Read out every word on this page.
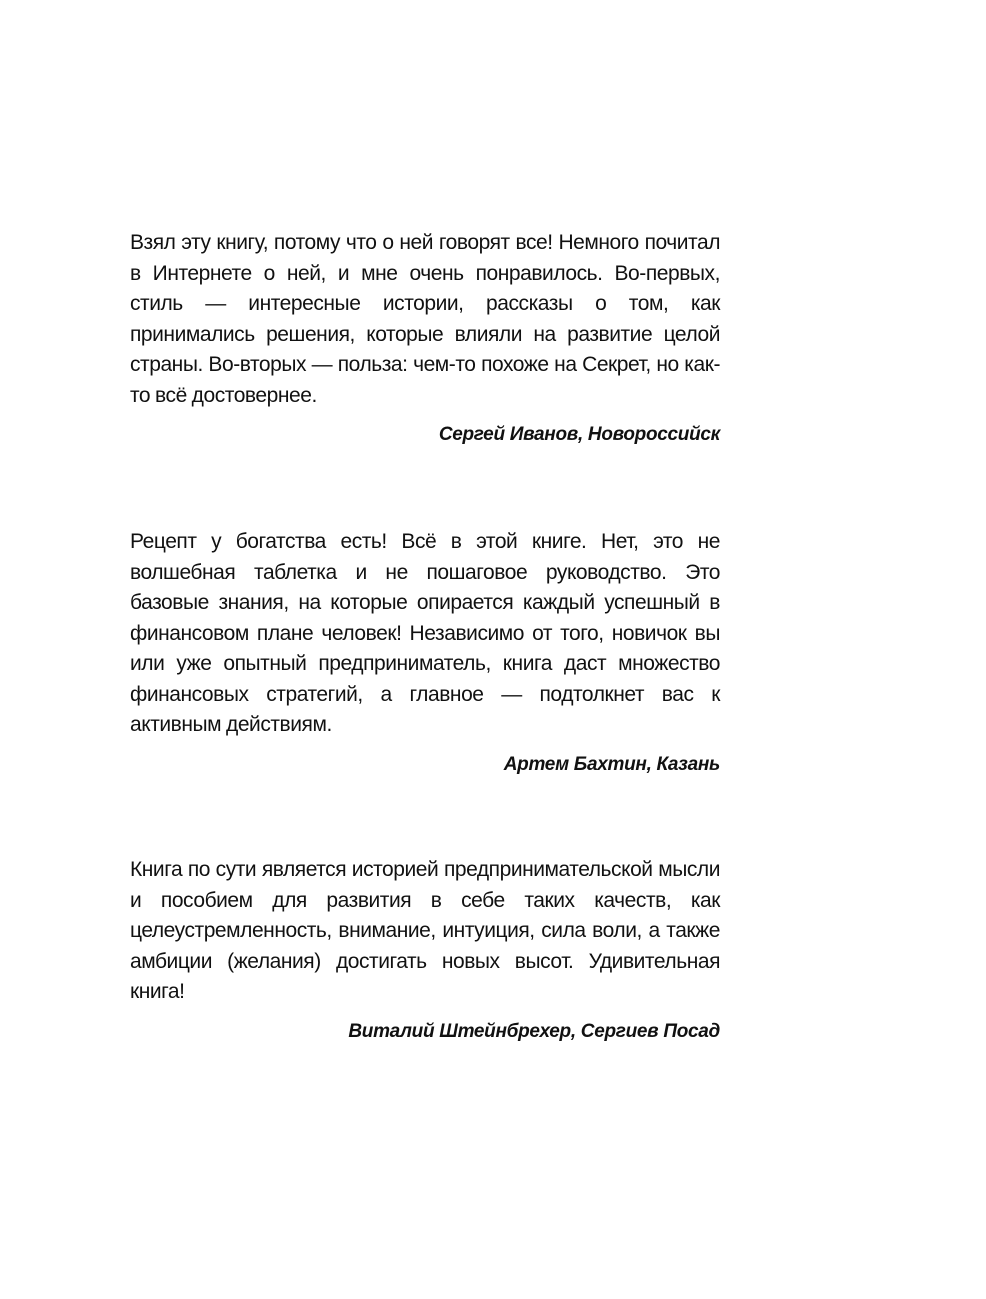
Взял эту книгу, потому что о ней говорят все! Немного почитал в Интернете о ней, и мне очень понравилось. Во-первых, стиль — интересные истории, рассказы о том, как принимались решения, которые влияли на развитие целой страны. Во-вторых — польза: чем-то похоже на Секрет, но как-то всё достовернее.

Сергей Иванов, Новороссийск

Рецепт у богатства есть! Всё в этой книге. Нет, это не волшебная таблетка и не пошаговое руководство. Это базовые знания, на которые опирается каждый успешный в финансовом плане человек! Независимо от того, новичок вы или уже опытный предприниматель, книга даст множество финансовых стратегий, а главное — подтолкнет вас к активным действиям.

Артем Бахтин, Казань

Книга по сути является историей предпринимательской мысли и пособием для развития в себе таких качеств, как целеустремленность, внимание, интуиция, сила воли, а также амбиции (желания) достигать новых высот. Удивительная книга!

Виталий Штейнбрехер, Сергиев Посад
